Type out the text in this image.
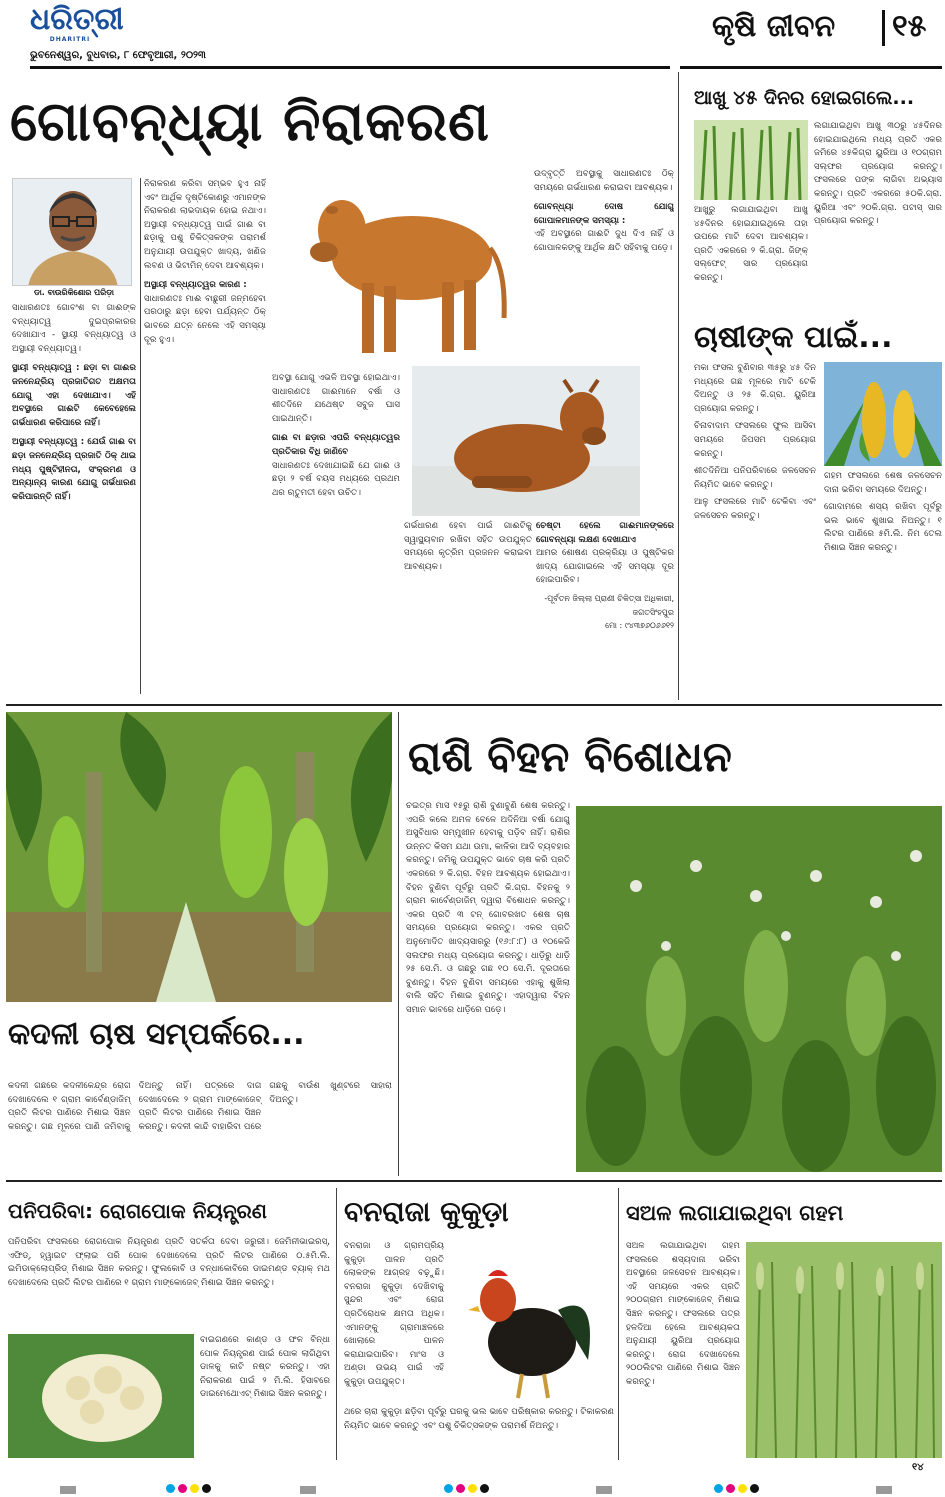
ଧରିତ୍ରୀ
DHARITRI
ଭୁବନେଶ୍ୱର, ବୁଧବାର, ୮ ଫେବୃଆରୀ, ୨୦୨୩
କୃଷି ଜୀବନ ୧୫
ଗୋବନ୍ଧ୍ୟା ନିରାକରଣ
ଡା. ବାଉରିକିଶୋର ପରିଡ଼ା

ସାଧାରଣତଃ ଗୋବଂଶ ବା ଗାଈଙ୍କ ବନ୍ଧ୍ୟାତ୍ୱ ଦୁଇପ୍ରକାରର ଦେଖାଯାଏ - ସ୍ଥାୟୀ ବନ୍ଧ୍ୟାତ୍ୱ ଓ ଅସ୍ଥାୟୀ ବନ୍ଧ୍ୟାତ୍ୱ।

ସ୍ଥାୟୀ ବନ୍ଧ୍ୟାତ୍ୱ : ଛଡ଼ା ବା ଗାଈର ଜନନେନ୍ଦ୍ରିୟ ପ୍ରଜାତିଗତ ଅକ୍ଷମତା ଯୋଗୁ ଏହା ଦେଖାଯାଏ। ଏହି ଅବସ୍ଥାରେ ଗାଈଟି କେବେହେଲେ ଗର୍ଭଧାରଣ କରିପାରେ ନାହିଁ।

ଅସ୍ଥାୟୀ ବନ୍ଧ୍ୟାତ୍ୱ : ଯେଉଁ ଗାଈ ବା ଛଡ଼ା ଜନନେନ୍ଦ୍ରିୟ ପ୍ରଜାତି ଠିକ୍ ଥାଇ ମଧ୍ୟ ପୁଷ୍ଟିହୀନତା, ସଂକ୍ରମଣ ଓ ଅନ୍ୟାନ୍ୟ କାରଣ ଯୋଗୁ ଗର୍ଭଧାରଣ କରିପାରନ୍ତି ନାହିଁ।

ନିରାକରଣ କରିବା ସମ୍ଭବ ହୁଏ ନାହିଁ ଏବଂ ଆର୍ଥିକ ଦୃଷ୍ଟିକୋଣରୁ ଏମାନଙ୍କ ନିରାକରଣ ଲାଭଦାୟକ ହୋଇ ନଥାଏ। ଅସ୍ଥାୟୀ ବନ୍ଧ୍ୟାତ୍ୱ ପାଇଁ ଗାଈ ବା ଛଡ଼ାକୁ ପଶୁ ଚିକିତ୍ସକଙ୍କ ପରାମର୍ଶ ଅନୁଯାୟୀ ଉପଯୁକ୍ତ ଖାଦ୍ୟ, ଖଣିଜ ଲବଣ ଓ ଭିଟାମିନ୍ ଦେବା ଆବଶ୍ୟକ।

ଅସ୍ଥାୟୀ ବନ୍ଧ୍ୟାତ୍ୱର କାରଣ :

ସାଧାରଣତଃ ମାଈ ବାଛୁରୀ ଜନ୍ମହେବା ପରଠାରୁ ଛଡ଼ା ହେବା ପର୍ଯ୍ୟନ୍ତ ଠିକ୍ ଭାବରେ ଯତ୍ନ ନେଲେ ଏହି ସମସ୍ୟା ଦୂର ହୁଏ।

ଅବସ୍ଥା ଯୋଗୁ ଏଭଳି ଅବସ୍ଥା ହୋଇଥାଏ। ସାଧାରଣତଃ ଗାଈମାନେ ବର୍ଷା ଓ ଶୀତଦିନେ ଯଥେଷ୍ଟ ସବୁଜ ଘାସ ପାଇଥାନ୍ତି।

ଗାଈ ବା ଛଡ଼ାର ଏପରି ବନ୍ଧ୍ୟାତ୍ୱର ପ୍ରତିକାର ବିଧି ଜାଣିବେ

ସାଧାରଣତଃ ଦେଖାଯାଇଛି ଯେ ଗାଈ ଓ ଛଡ଼ା ୨ ବର୍ଷ ବୟସ ମଧ୍ୟରେ ପ୍ରଥମ ଥର ଋତୁମତୀ ହେବା ଉଚିତ।

ଉଦ୍‌ବୃତ୍ତି ଅବସ୍ଥାକୁ ସାଧାରଣତଃ ଠିକ୍ ସମୟରେ ଗର୍ଭଧାରଣ କରାଇବା ଆବଶ୍ୟକ।

ଗୋବନ୍ଧ୍ୟା ଦୋଷ ଯୋଗୁ ଗୋପାଳମାନଙ୍କ ସମସ୍ୟା :

ଏହି ଅବସ୍ଥାରେ ଗାଈଟି ଦୁଧ ଦିଏ ନାହିଁ ଓ ଗୋପାଳକଙ୍କୁ ଆର୍ଥିକ କ୍ଷତି ସହିବାକୁ ପଡ଼େ।

ଗର୍ଭଧାରଣ ହେବା ପାଇଁ ଗାଈଟିକୁ ସ୍ୱାସ୍ଥ୍ୟବାନ ରଖିବା ସହିତ ଉପଯୁକ୍ତ ସମୟରେ କୃତ୍ରିମ ପ୍ରଜନନ କରାଇବା ଆବଶ୍ୟକ।

ଚେଷ୍ଟା ହେଲେ ଗାଈମାନଙ୍କରେ ଗୋବନ୍ଧ୍ୟା ଲକ୍ଷଣ ଦେଖାଯାଏ

ଆମର ଶୋଷଣ ପ୍ରକ୍ରିୟା ଓ ପୁଷ୍ଟିକର ଖାଦ୍ୟ ଯୋଗାଇଲେ ଏହି ସମସ୍ୟା ଦୂର ହୋଇପାରିବ।

-ପୂର୍ବତନ ଜିଲ୍ଲା ପ୍ରାଣୀ ଚିକିତ୍ସା ଅଧିକାରୀ, ଜଗତସିଂହପୁର

ମୋ : ୯୪୩୭୬୦୬୬୧୨

ଆଖୁ ୪୫ ଦିନର ହୋଇଗଲେ...

ଆଖୁରୁ ଲଗାଯାଇଥିବା ଆଖୁ ୪୫ଦିନର ହୋଇଯାଇଥିଲେ ତାହା ଉପରେ ମାଟି ଦେବା ଆବଶ୍ୟକ। ପ୍ରତି ଏକରରେ ୨ କି.ଗ୍ରା. ଜିଙ୍କ୍ ସଲ୍‌ଫେଟ୍ ସାର ପ୍ରୟୋଗ କରନ୍ତୁ।

ଲଗାଯାଇଥିବା ଆଖୁ ୩୦ରୁ ୪୫ଦିନର ହୋଇଯାଇଥିଲେ ମଧ୍ୟ ପ୍ରତି ଏକର ଜମିରେ ୪୫କିଗ୍ରା ୟୁରିଆ ଓ ୧୦ଗ୍ରାମ ସଲ୍ଫର ପ୍ରୟୋଗ କରନ୍ତୁ। ଫସଲରେ ପଙ୍କ ଲାଗିବା ଅଭ୍ୟାସ କରନ୍ତୁ। ପ୍ରତି ଏକରରେ ୫୦କି.ଗ୍ରା. ୟୁରିଆ ଏବଂ ୨୦କି.ଗ୍ରା. ପଟାସ୍ ସାର ପ୍ରୟୋଗ କରନ୍ତୁ।

ଚାଷୀଙ୍କ ପାଇଁ...

ମକା ଫସଲ ବୁଣିବାର ୩୫ରୁ ୪୫ ଦିନ ମଧ୍ୟରେ ଗଛ ମୂଳରେ ମାଟି ଟେକି ଦିଅନ୍ତୁ ଓ ୨୫ କି.ଗ୍ରା. ୟୁରିଆ ପ୍ରୟୋଗ କରନ୍ତୁ।

ଚିନାବାଦାମ ଫସଲରେ ଫୁଲ ଆସିବା ସମୟରେ ଜିପସମ ପ୍ରୟୋଗ କରନ୍ତୁ।

ଶୀତଦିନିଆ ପନିପରିବାରେ ଜଳସେଚନ ନିୟମିତ ଭାବେ କରନ୍ତୁ।

ଆଳୁ ଫସଲରେ ମାଟି ଟେକିବା ଏବଂ ଜଳସେଚନ କରନ୍ତୁ।

ଗହମ ଫସଲରେ ଶେଷ ଜଳସେଚନ ଦାନା ଭରିବା ସମୟରେ ଦିଅନ୍ତୁ।

ଗୋଦାମରେ ଶସ୍ୟ ରଖିବା ପୂର୍ବରୁ ଭଲ ଭାବେ ଶୁଖାଇ ନିଅନ୍ତୁ। ୧ ଲିଟର ପାଣିରେ ୫ମି.ଲି. ନିମ ତେଲ ମିଶାଇ ସିଞ୍ଚନ କରନ୍ତୁ।

କଦଳୀ ଚାଷ ସମ୍ପର୍କରେ...

କଦଳୀ ଗଛରେ କଦଳୀକେନ୍ଦ୍ର ରୋଗ ଦେଖାଦେଲେ ୧ ଗ୍ରାମ କାର୍ବେଣ୍ଡାଜିମ୍ ପ୍ରତି ଲିଟର ପାଣିରେ ମିଶାଇ ସିଞ୍ଚନ କରନ୍ତୁ। ଗଛ ମୂଳରେ ପାଣି ଜମିବାକୁ ଦିଅନ୍ତୁ ନାହିଁ। ପତ୍ରରେ ଦାଗ ଦେଖାଦେଲେ ୨ ଗ୍ରାମ ମାଙ୍କୋଜେବ୍ ପ୍ରତି ଲିଟର ପାଣିରେ ମିଶାଇ ସିଞ୍ଚନ କରନ୍ତୁ। କଦଳୀ କାନ୍ଦି ବାହାରିବା ପରେ ଗଛକୁ ବାଉଁଶ ଖୁଣ୍ଟରେ ସାହାରା ଦିଅନ୍ତୁ।

ରାଶି ବିହନ ବିଶୋଧନ

ଚଇତ୍ର ମାସ ୧୫ରୁ ରାଶି ବୁଣାବୁଣି ଶେଷ କରନ୍ତୁ। ଏପରି କଲେ ଅମଳ ବେଳେ ଅଦିନିଆ ବର୍ଷା ଯୋଗୁ ଅସୁବିଧାର ସମ୍ମୁଖୀନ ହେବାକୁ ପଡ଼ିବ ନାହିଁ। ରାଶିର ଉନ୍ନତ କିସମ ଯଥା ଉମା, କାଳିକା ଆଦି ବ୍ୟବହାର କରନ୍ତୁ। ଜମିକୁ ଉପଯୁକ୍ତ ଭାବେ ଚାଷ କରି ପ୍ରତି ଏକରରେ ୨ କି.ଗ୍ରା. ବିହନ ଆବଶ୍ୟକ ହୋଇଥାଏ। ବିହନ ବୁଣିବା ପୂର୍ବରୁ ପ୍ରତି କି.ଗ୍ରା. ବିହନକୁ ୨ ଗ୍ରାମ କାର୍ବେଣ୍ଡାଜିମ୍ ଦ୍ୱାରା ବିଶୋଧନ କରନ୍ତୁ। ଏକର ପ୍ରତି ୩ ଟନ୍ ଗୋବରଖତ ଶେଷ ଚାଷ ସମୟରେ ପ୍ରୟୋଗ କରନ୍ତୁ। ଏକର ପ୍ରତି ଅନୁମୋଦିତ ଖାଦ୍ୟସାରରୁ (୧୬:୮:୮) ଓ ୧୦କେଜି ସଲଫର ମଧ୍ୟ ପ୍ରୟୋଗ କରନ୍ତୁ। ଧାଡ଼ିରୁ ଧାଡ଼ି ୨୫ ସେ.ମି. ଓ ଗଛରୁ ଗଛ ୧୦ ସେ.ମି. ଦୂରତାରେ ବୁଣନ୍ତୁ। ବିହନ ବୁଣିବା ସମୟରେ ଏହାକୁ ଶୁଖିଲା ବାଲି ସହିତ ମିଶାଇ ବୁଣନ୍ତୁ। ଏହାଦ୍ୱାରା ବିହନ ସମାନ ଭାବରେ ଧାଡ଼ିରେ ପଡ଼େ।

ପନିପରିବା: ରୋଗପୋକ ନିୟନ୍ତ୍ରଣ

ପନିପରିବା ଫସଲରେ ରୋଗପୋକ ନିୟନ୍ତ୍ରଣ ପ୍ରତି ସତର୍କତା ଦେବା ଜରୁରୀ। ଜେମିନୀଭାଇରସ୍, ଏଫିଡ୍, ହ୍ୱାଇଟ ଫ୍ଲାଇ ପରି ପୋକ ଦେଖାଦେଲେ ପ୍ରତି ଲିଟର ପାଣିରେ ୦.୫ମି.ଲି. ଇମିଡାକ୍ଲୋପ୍ରିଡ୍ ମିଶାଇ ସିଞ୍ଚନ କରନ୍ତୁ। ଫୁଲକୋବି ଓ ବନ୍ଧାକୋବିରେ ଡାଇମଣ୍ଡ ବ୍ୟାକ୍ ମଥ ଦେଖାଦେଲେ ପ୍ରତି ଲିଟର ପାଣିରେ ୧ ଗ୍ରାମ ମାଙ୍କୋଜେବ୍ ମିଶାଇ ସିଞ୍ଚନ କରନ୍ତୁ।

ବାଇଗଣରେ କାଣ୍ଡ ଓ ଫଳ ବିନ୍ଧା ପୋକ ନିୟନ୍ତ୍ରଣ ପାଇଁ ପୋକ ଲାଗିଥିବା ଡାଳକୁ କାଟି ନଷ୍ଟ କରନ୍ତୁ। ଏହା ନିରାକରଣ ପାଇଁ ୨ ମି.ଲି. ହିସାବରେ ଡାଇମେଥୋଏଟ୍ ମିଶାଇ ସିଞ୍ଚନ କରନ୍ତୁ।

ବନରାଜା କୁକୁଡ଼ା

ବନରାଜା ଓ ଗ୍ରାମପ୍ରିୟ କୁକୁଡ଼ା ପାଳନ ପ୍ରତି ଲୋକଙ୍କ ଆଗ୍ରହ ବଢ଼ୁଛି। ବନରାଜା କୁକୁଡ଼ା ଦେଖିବାକୁ ସୁନ୍ଦର ଏବଂ ରୋଗ ପ୍ରତିରୋଧକ କ୍ଷମତା ଅଧିକ। ଏମାନଙ୍କୁ ଗ୍ରାମାଞ୍ଚଳରେ ଖୋଲାରେ ପାଳନ କରାଯାଇପାରିବ। ମାଂସ ଓ ଅଣ୍ଡା ଉଭୟ ପାଇଁ ଏହି କୁକୁଡ଼ା ଉପଯୁକ୍ତ।

ଥରେ ଚାରା କୁକୁଡ଼ା ଛଡ଼ିବା ପୂର୍ବରୁ ଘରକୁ ଭଲ ଭାବେ ପରିଷ୍କାର କରନ୍ତୁ। ଟିକାକରଣ ନିୟମିତ ଭାବେ କରନ୍ତୁ ଏବଂ ପଶୁ ଚିକିତ୍ସକଙ୍କ ପରାମର୍ଶ ନିଅନ୍ତୁ।

ସଅଳ ଲଗାଯାଇଥିବା ଗହମ

ସଅଳ ଲଗାଯାଇଥିବା ଗହମ ଫସଲରେ ଶସ୍ୟଦାନା ଭରିବା ଅବସ୍ଥାରେ ଜଳସେଚନ ଆବଶ୍ୟକ। ଏହି ସମୟରେ ଏକର ପ୍ରତି ୨୦୦ଗ୍ରାମ ମାଙ୍କୋଜେବ୍ ମିଶାଇ ସିଞ୍ଚନ କରନ୍ତୁ। ଫସଲରେ ପତ୍ର ହଳଦିଆ ହେଲେ ଆବଶ୍ୟକତା ଅନୁଯାୟୀ ୟୁରିଆ ପ୍ରୟୋଗ କରନ୍ତୁ। ରୋଗ ଦେଖାଦେଲେ ୨୦୦ଲିଟର ପାଣିରେ ମିଶାଇ ସିଞ୍ଚନ କରନ୍ତୁ।

୧୪
